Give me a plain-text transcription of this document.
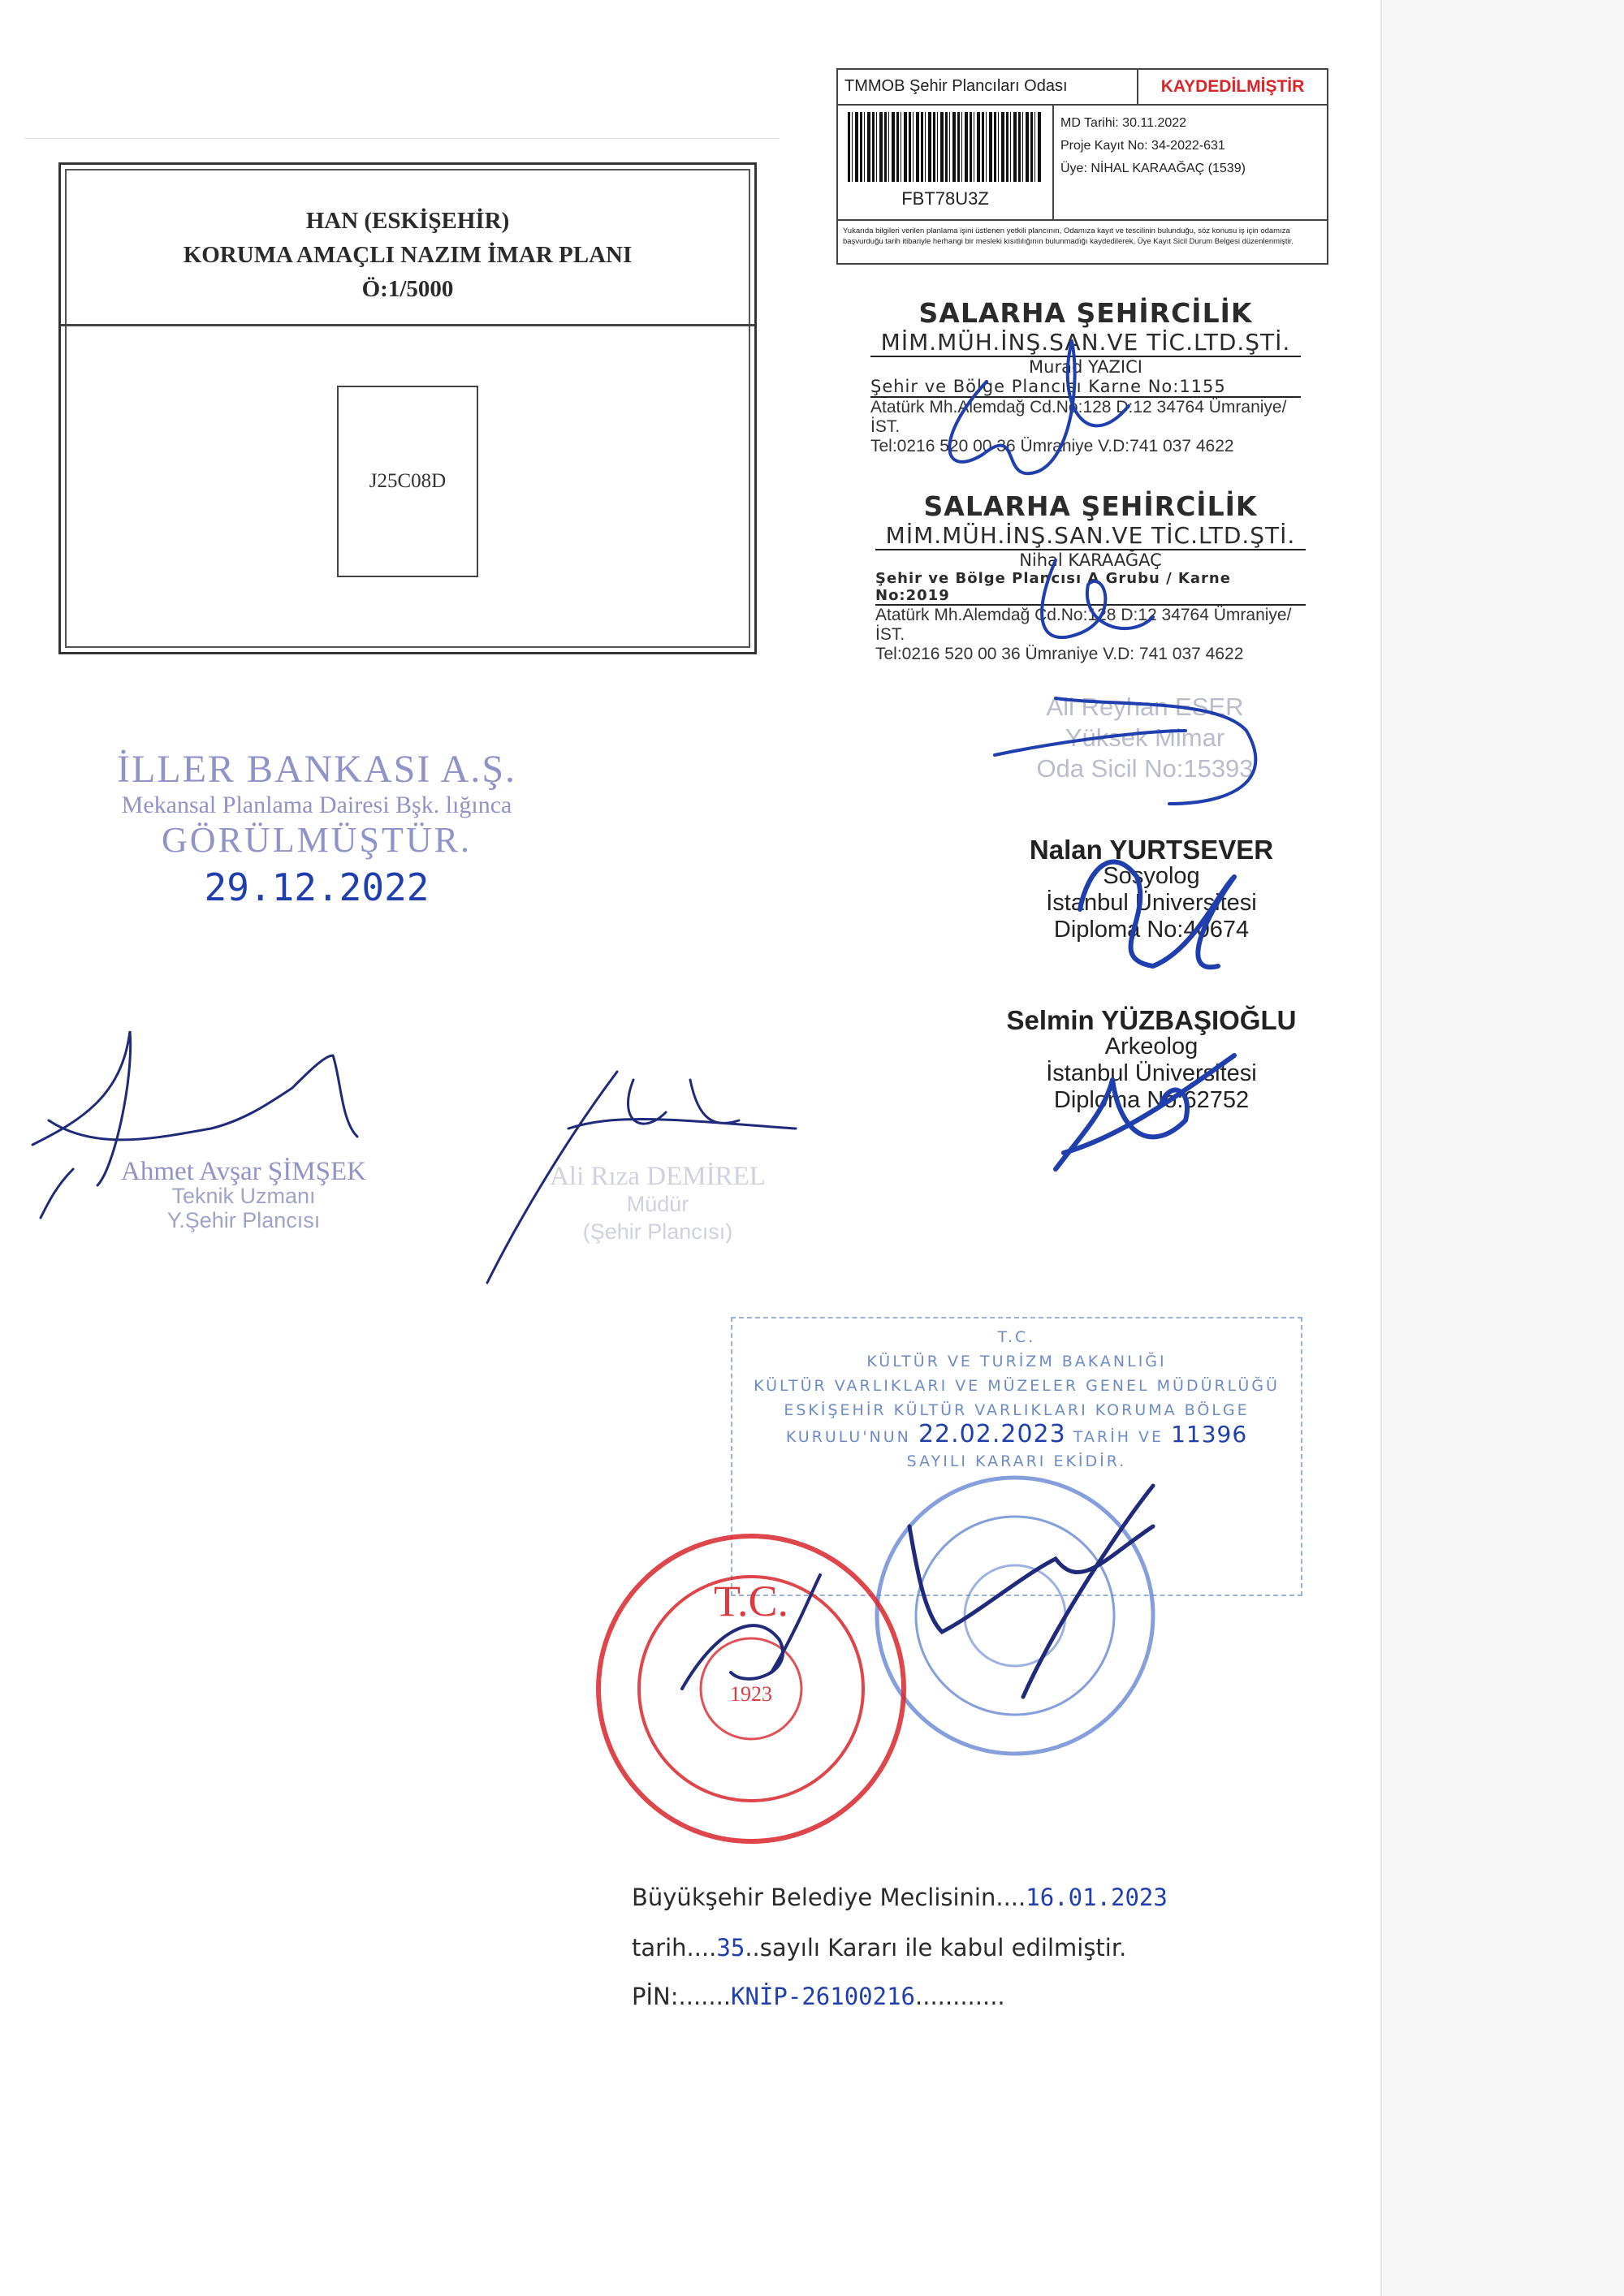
HAN (ESKİŞEHİR)
KORUMA AMAÇLI NAZIM İMAR PLANI
Ö:1/5000
J25C08D
TMMOB Şehir Plancıları Odası	KAYDEDİLMİŞTİR
FBT78U3Z
MD Tarihi: 30.11.2022
Proje Kayıt No: 34-2022-631
Üye: NİHAL KARAAĞAÇ (1539)
Yukarıda bilgileri verilen planlama işini üstlenen yetkili plancının, Odamıza kayıt ve tescilinin bulunduğu, söz konusu iş için odamıza başvurduğu tarih itibariyle herhangi bir mesleki kısıtlılığının bulunmadığı kaydedilerek, Üye Kayıt Sicil Durum Belgesi düzenlenmiştir.
SALARHA ŞEHİRCİLİK
MİM.MÜH.İNŞ.SAN.VE TİC.LTD.ŞTİ.
Murad YAZICI
Şehir ve Bölge Plancısı Karne No:1155
Atatürk Mh.Alemdağ Cd.No:128 D:12 34764 Ümraniye/İST.
Tel:0216 520 00 36 Ümraniye V.D:741 037 4622
SALARHA ŞEHİRCİLİK
MİM.MÜH.İNŞ.SAN.VE TİC.LTD.ŞTİ.
Nihal KARAAĞAÇ
Şehir ve Bölge Plancısı A Grubu / Karne No:2019
Atatürk Mh.Alemdağ Cd.No:128 D:12 34764 Ümraniye/İST.
Tel:0216 520 00 36 Ümraniye V.D: 741 037 4622
Ali Reyhan ESER
Yüksek Mimar
Oda Sicil No:15393
Nalan YURTSEVER
Sosyolog
İstanbul Üniversitesi
Diploma No:40674
Selmin YÜZBAŞIOĞLU
Arkeolog
İstanbul Üniversitesi
Diploma No:62752
İLLER BANKASI A.Ş.
Mekansal Planlama Dairesi Bşk. lığınca
GÖRÜLMÜŞTÜR.
29.12.2022
Ahmet Avşar ŞİMŞEK
Teknik Uzmanı
Y.Şehir Plancısı
Ali Rıza DEMİREL
Müdür
(Şehir Plancısı)
T.C.
KÜLTÜR VE TURİZM BAKANLIĞI
KÜLTÜR VARLIKLARI VE MÜZELER GENEL MÜDÜRLÜĞÜ
ESKİŞEHİR KÜLTÜR VARLIKLARI KORUMA BÖLGE
KURULU'NUN 22.02.2023 TARİH VE 11396
SAYILI KARARI EKİDİR.
T.C.
1923
Büyükşehir Belediye Meclisinin....16.01.2023
tarih....35..sayılı Kararı ile kabul edilmiştir.
PİN:.......KNİP-26100216............
